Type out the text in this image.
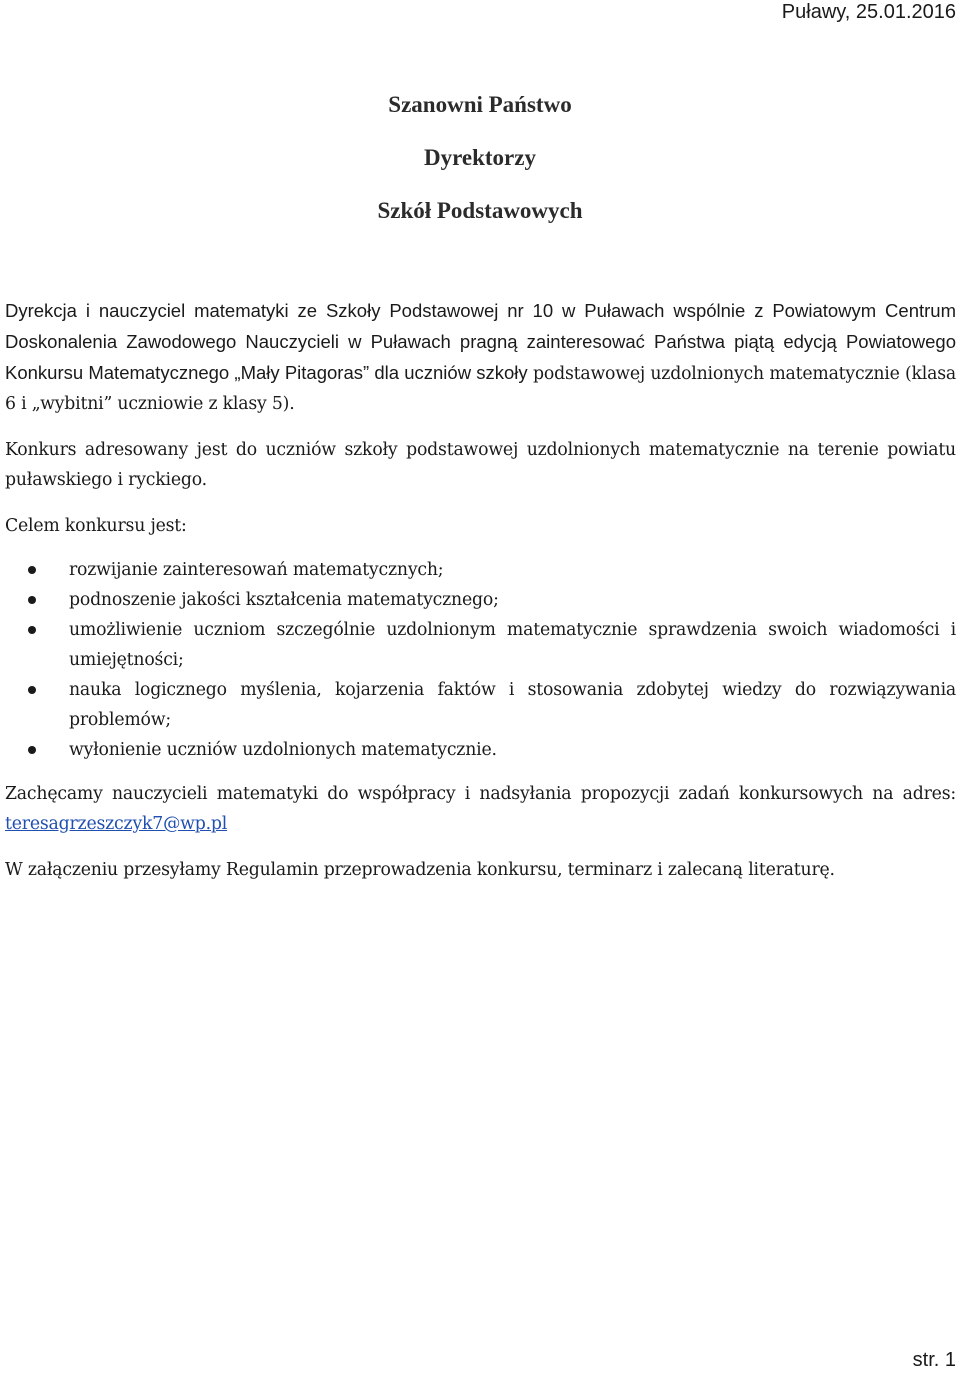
Puławy, 25.01.2016
Szanowni Państwo
Dyrektorzy
Szkół Podstawowych

Dyrekcja i nauczyciel matematyki ze Szkoły Podstawowej nr 10 w Puławach wspólnie z Powiatowym Centrum Doskonalenia Zawodowego Nauczycieli w Puławach pragną zainteresować Państwa piątą edycją Powiatowego Konkursu Matematycznego „Mały Pitagoras” dla uczniów szkoły podstawowej uzdolnionych matematycznie (klasa 6 i „wybitni” uczniowie z klasy 5).

Konkurs adresowany jest do uczniów szkoły podstawowej uzdolnionych matematycznie na terenie powiatu puławskiego i ryckiego.

Celem konkursu jest:

rozwijanie zainteresowań matematycznych;
podnoszenie jakości kształcenia matematycznego;
umożliwienie uczniom szczególnie uzdolnionym matematycznie sprawdzenia swoich wiadomości i umiejętności;
nauka logicznego myślenia, kojarzenia faktów i stosowania zdobytej wiedzy do rozwiązywania problemów;
wyłonienie uczniów uzdolnionych matematycznie.

Zachęcamy nauczycieli matematyki do współpracy i nadsyłania propozycji zadań konkursowych na adres: teresagrzeszczyk7@wp.pl

W załączeniu przesyłamy Regulamin przeprowadzenia konkursu, terminarz i zalecaną literaturę.

str. 1
